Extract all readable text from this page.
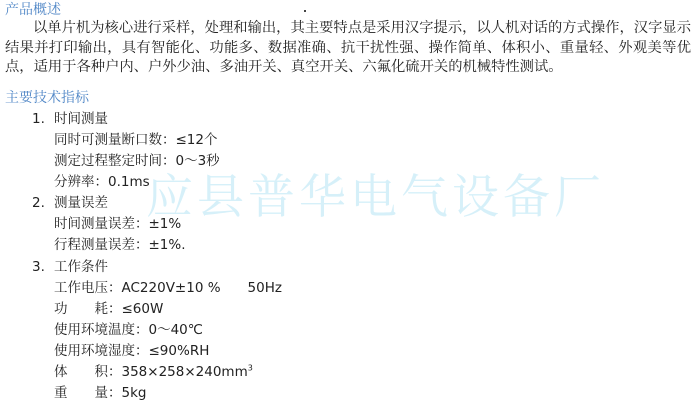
产品概述
以单片机为核心进行采样，处理和输出，其主要特点是采用汉字提示，以人机对话的方式操作，汉字显示结果并打印输出，具有智能化、功能多、数据准确、抗干扰性强、操作简单、体积小、重量轻、外观美等优点，适用于各种户内、户外少油、多油开关、真空开关、六氟化硫开关的机械特性测试。
主要技术指标
1. 时间测量
同时可测量断口数：≤12个
测定过程整定时间：0～3秒
分辨率：0.1ms
2. 测量误差
时间测量误差：±1%
行程测量误差：±1%.
3. 工作条件
工作电压：AC220V±10 %　　50Hz
功　　耗：≤60W
使用环境温度：0～40℃
使用环境湿度：≤90%RH
体　　积：$358\times 258\times 240mm^3$
重　　量：5kg
应县普华电气设备厂
